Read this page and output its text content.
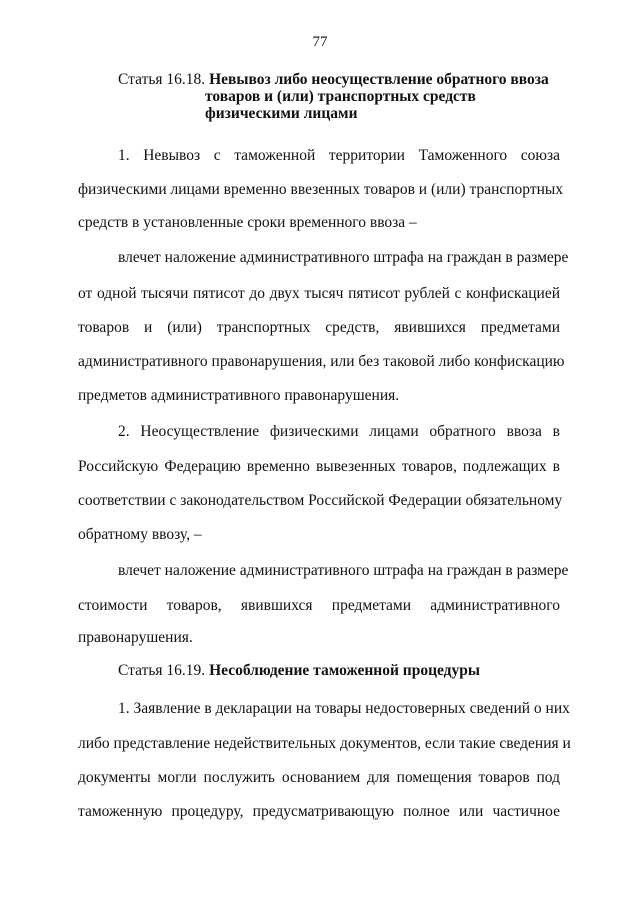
77
Статья 16.18. Невывоз либо неосуществление обратного ввоза
товаров и (или) транспортных средств
физическими лицами
1. Невывоз с таможенной территории Таможенного союза
физическими лицами временно ввезенных товаров и (или) транспортных
средств в установленные сроки временного ввоза –
влечет наложение административного штрафа на граждан в размере
от одной тысячи пятисот до двух тысяч пятисот рублей с конфискацией
товаров и (или) транспортных средств, явившихся предметами
административного правонарушения, или без таковой либо конфискацию
предметов административного правонарушения.
2. Неосуществление физическими лицами обратного ввоза в
Российскую Федерацию временно вывезенных товаров, подлежащих в
соответствии с законодательством Российской Федерации обязательному
обратному ввозу, –
влечет наложение административного штрафа на граждан в размере
стоимости товаров, явившихся предметами административного
правонарушения.
Статья 16.19. Несоблюдение таможенной процедуры
1. Заявление в декларации на товары недостоверных сведений о них
либо представление недействительных документов, если такие сведения и
документы могли послужить основанием для помещения товаров под
таможенную процедуру, предусматривающую полное или частичное
